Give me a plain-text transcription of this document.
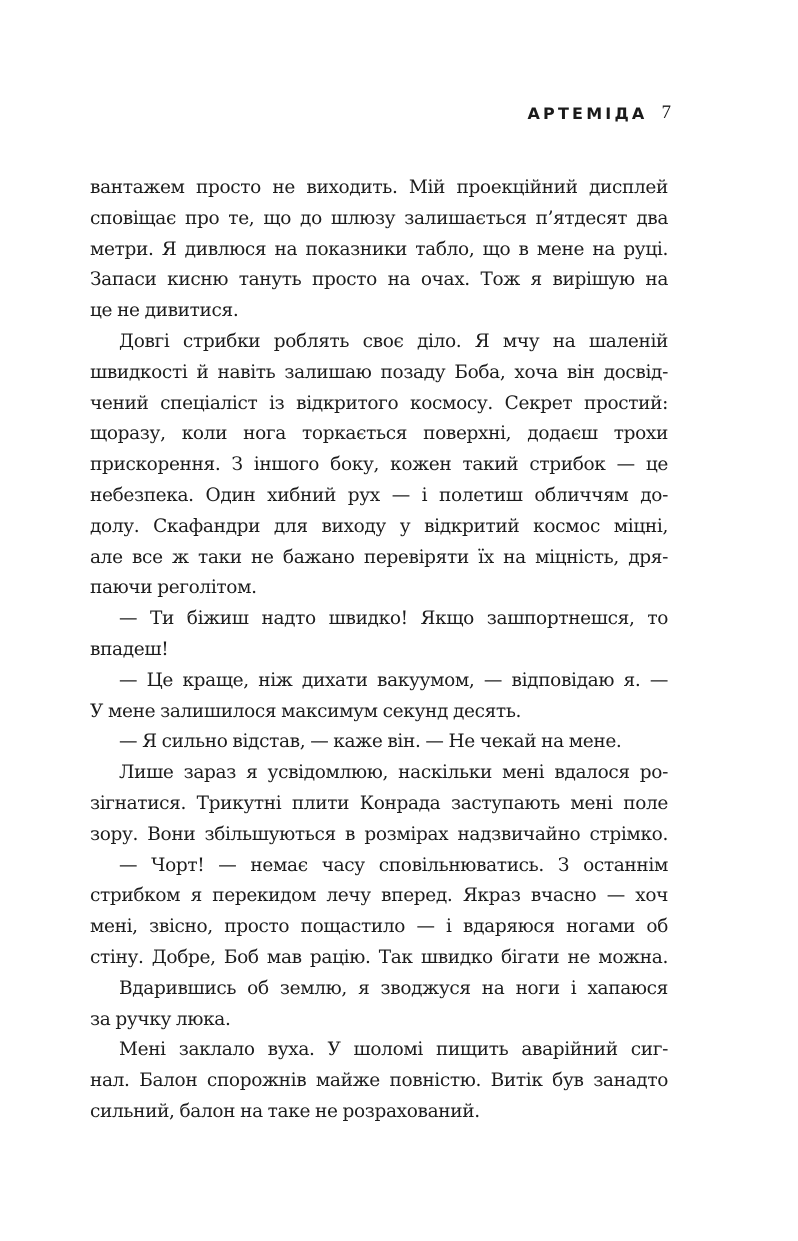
АРТЕМІДА 7
вантажем просто не виходить. Мій проекційний дисплей
сповіщає про те, що до шлюзу залишається п’ятдесят два
метри. Я дивлюся на показники табло, що в мене на руці.
Запаси кисню тануть просто на очах. Тож я вирішую на
це не дивитися.
Довгі стрибки роблять своє діло. Я мчу на шаленій
швидкості й навіть залишаю позаду Боба, хоча він досвід-
чений спеціаліст із відкритого космосу. Секрет простий:
щоразу, коли нога торкається поверхні, додаєш трохи
прискорення. З іншого боку, кожен такий стрибок — це
небезпека. Один хибний рух — і полетиш обличчям до-
долу. Скафандри для виходу у відкритий космос міцні,
але все ж таки не бажано перевіряти їх на міцність, дря-
паючи реголітом.
— Ти біжиш надто швидко! Якщо зашпортнешся, то
впадеш!
— Це краще, ніж дихати вакуумом, — відповідаю я. —
У мене залишилося максимум секунд десять.
— Я сильно відстав, — каже він. — Не чекай на мене.
Лише зараз я усвідомлюю, наскільки мені вдалося ро-
зігнатися. Трикутні плити Конрада заступають мені поле
зору. Вони збільшуються в розмірах надзвичайно стрімко.
— Чорт! — немає часу сповільнюватись. З останнім
стрибком я перекидом лечу вперед. Якраз вчасно — хоч
мені, звісно, просто пощастило — і вдаряюся ногами об
стіну. Добре, Боб мав рацію. Так швидко бігати не можна.
Вдарившись об землю, я зводжуся на ноги і хапаюся
за ручку люка.
Мені заклало вуха. У шоломі пищить аварійний сиг-
нал. Балон спорожнів майже повністю. Витік був занадто
сильний, балон на таке не розрахований.
